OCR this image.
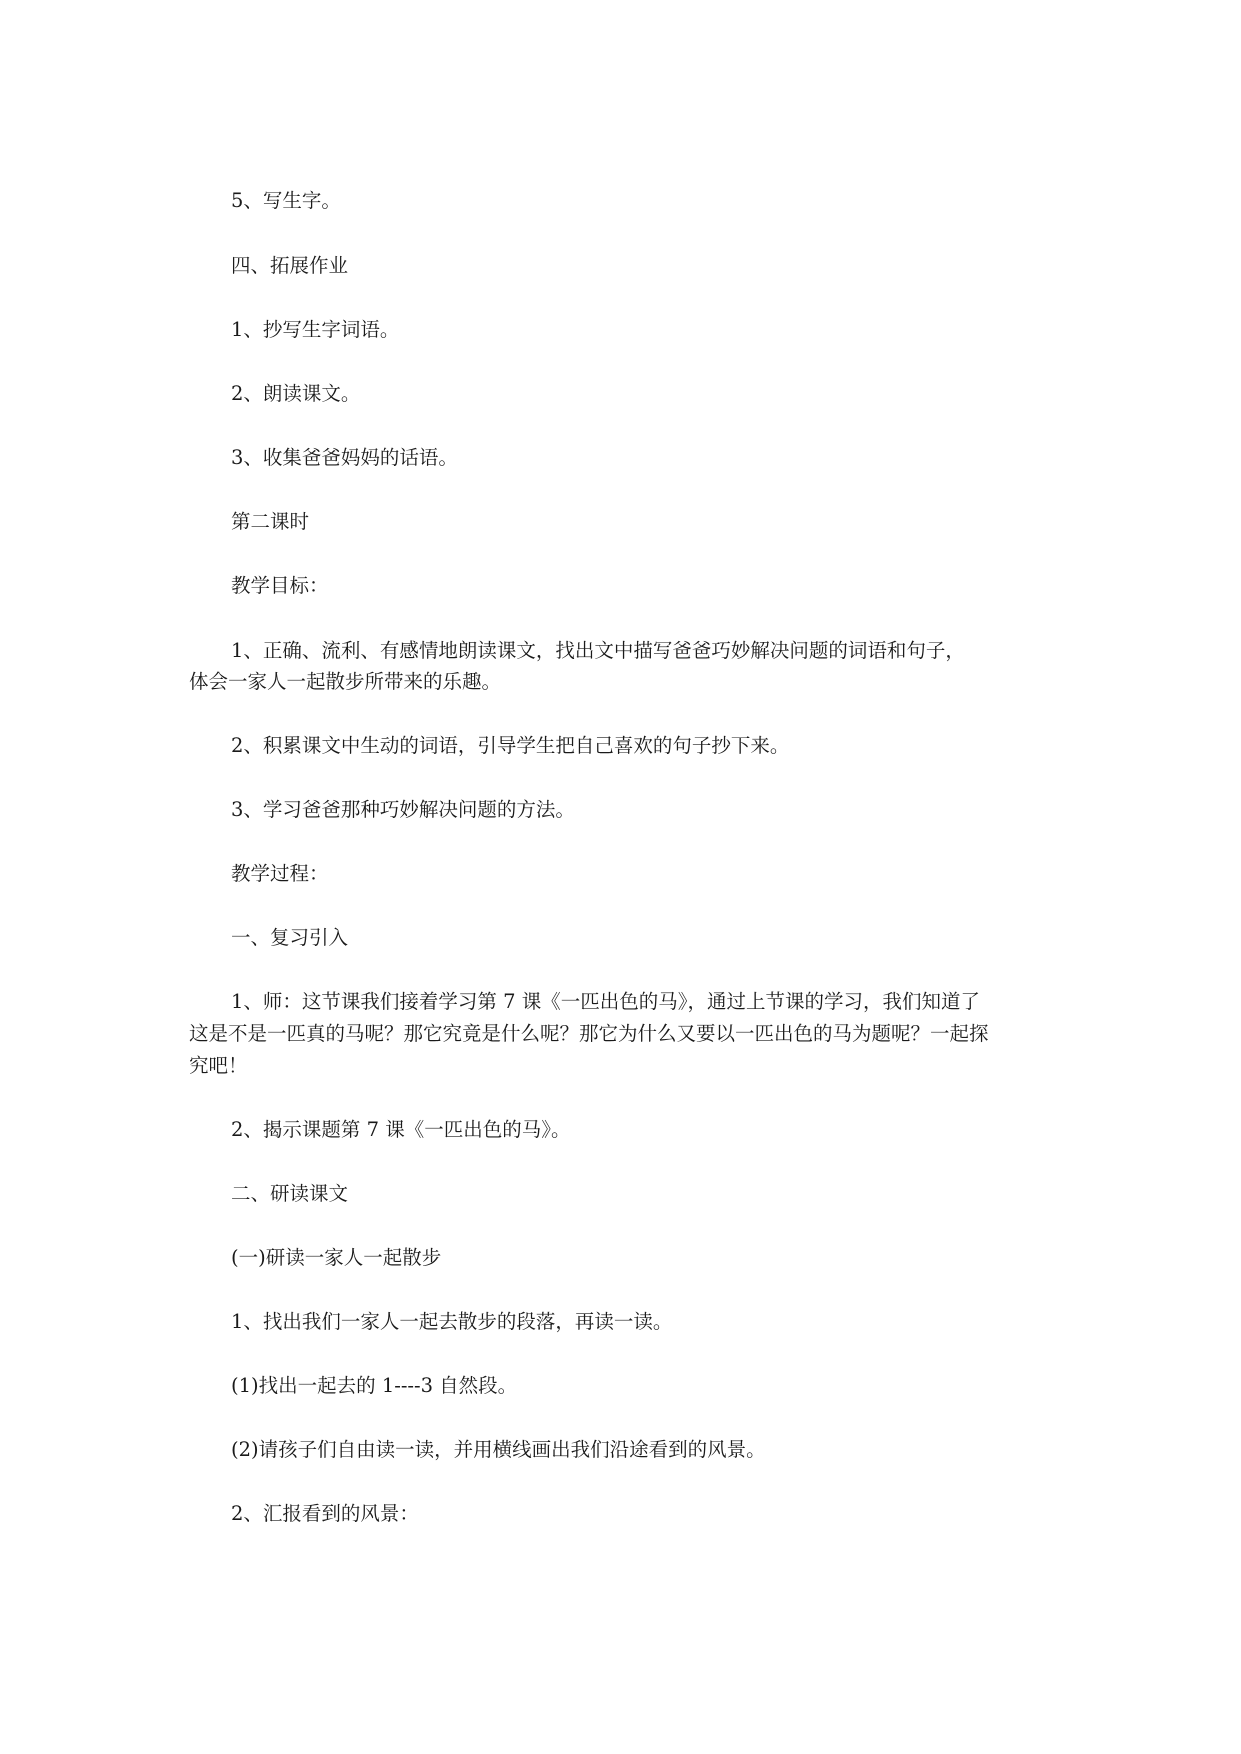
5、写生字。
四、拓展作业
1、抄写生字词语。
2、朗读课文。
3、收集爸爸妈妈的话语。
第二课时
教学目标：
1、正确、流利、有感情地朗读课文，找出文中描写爸爸巧妙解决问题的词语和句子，
体会一家人一起散步所带来的乐趣。
2、积累课文中生动的词语，引导学生把自己喜欢的句子抄下来。
3、学习爸爸那种巧妙解决问题的方法。
教学过程：
一、复习引入
1、师：这节课我们接着学习第 7 课《一匹出色的马》，通过上节课的学习，我们知道了
这是不是一匹真的马呢？那它究竟是什么呢？那它为什么又要以一匹出色的马为题呢？一起探
究吧！
2、揭示课题第 7 课《一匹出色的马》。
二、研读课文
(一)研读一家人一起散步
1、找出我们一家人一起去散步的段落，再读一读。
(1)找出一起去的 1----3 自然段。
(2)请孩子们自由读一读，并用横线画出我们沿途看到的风景。
2、汇报看到的风景：
